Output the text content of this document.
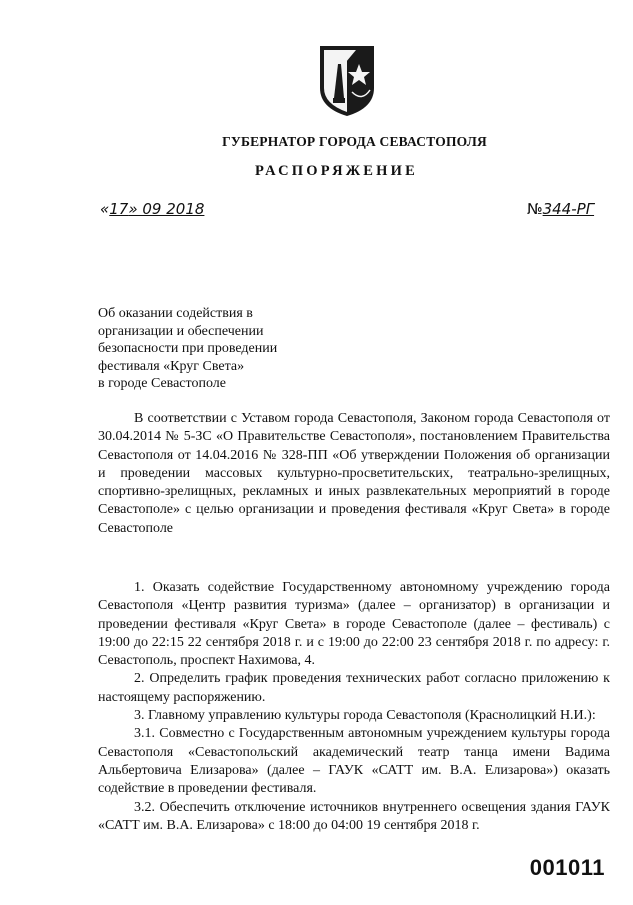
ГУБЕРНАТОР ГОРОДА СЕВАСТОПОЛЯ
РАСПОРЯЖЕНИЕ
«17» 09 2018	№344-РГ
Об оказании содействия в
организации и обеспечении
безопасности при проведении
фестиваля «Круг Света»
в городе Севастополе

В соответствии с Уставом города Севастополя, Законом города Севастополя от 30.04.2014 № 5-ЗС «О Правительстве Севастополя», постановлением Правительства Севастополя от 14.04.2016 № 328-ПП «Об утверждении Положения об организации и проведении массовых культурно-просветительских, театрально-зрелищных, спортивно-зрелищных, рекламных и иных развлекательных мероприятий в городе Севастополе» с целью организации и проведения фестиваля «Круг Света» в городе Севастополе

1. Оказать содействие Государственному автономному учреждению города Севастополя «Центр развития туризма» (далее – организатор) в организации и проведении фестиваля «Круг Света» в городе Севастополе (далее – фестиваль) с 19:00 до 22:15 22 сентября 2018 г. и с 19:00 до 22:00 23 сентября 2018 г. по адресу: г. Севастополь, проспект Нахимова, 4.

2. Определить график проведения технических работ согласно приложению к настоящему распоряжению.

3. Главному управлению культуры города Севастополя (Краснолицкий Н.И.):

3.1. Совместно с Государственным автономным учреждением культуры города Севастополя «Севастопольский академический театр танца имени Вадима Альбертовича Елизарова» (далее – ГАУК «САТТ им. В.А. Елизарова») оказать содействие в проведении фестиваля.

3.2. Обеспечить отключение источников внутреннего освещения здания ГАУК «САТТ им. В.А. Елизарова» с 18:00 до 04:00 19 сентября 2018 г.

001011
